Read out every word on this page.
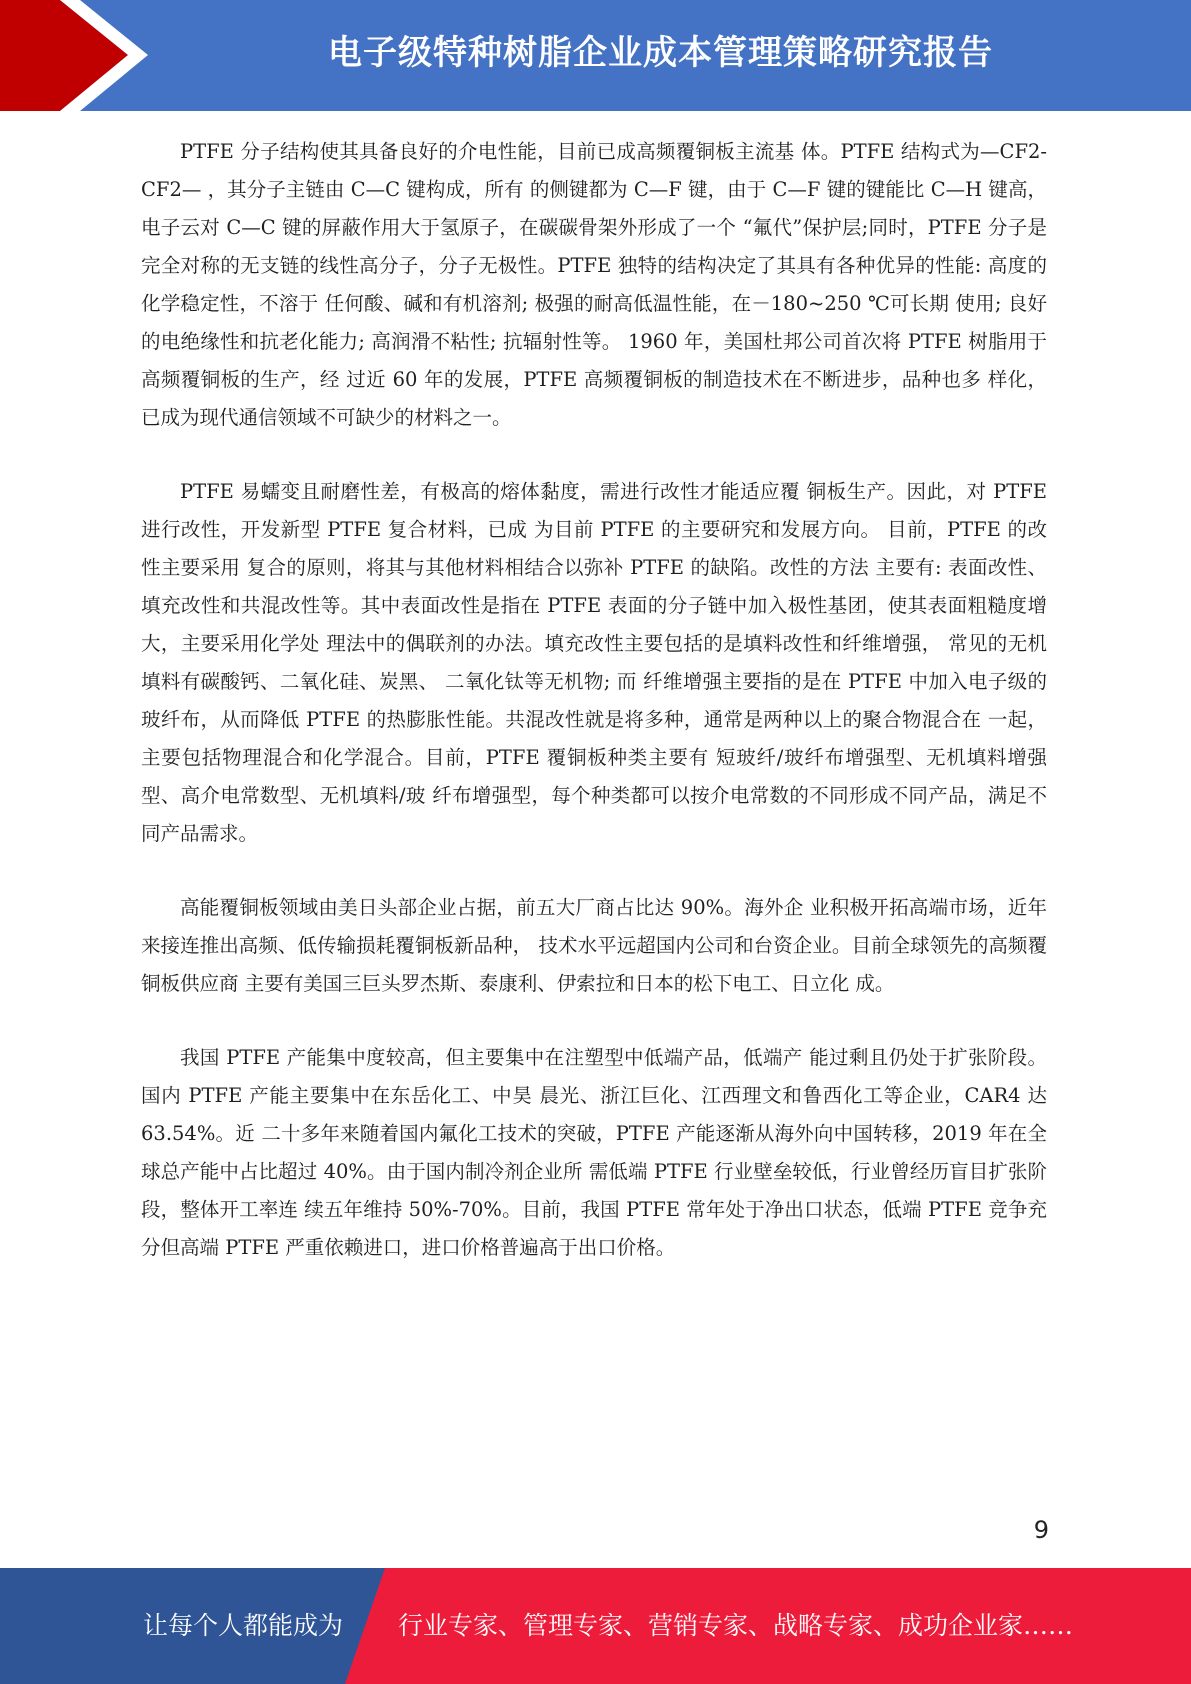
电子级特种树脂企业成本管理策略研究报告

PTFE 分子结构使其具备良好的介电性能，目前已成高频覆铜板主流基 体。PTFE 结构式为—CF2-CF2— ，其分子主链由 C—C 键构成，所有 的侧键都为 C—F 键，由于 C—F 键的键能比 C—H 键高，电子云对 C—C 键的屏蔽作用大于氢原子，在碳碳骨架外形成了一个 “氟代”保护层;同时，PTFE 分子是完全对称的无支链的线性高分子，分子无极性。PTFE 独特的结构决定了其具有各种优异的性能: 高度的化学稳定性，不溶于 任何酸、碱和有机溶剂; 极强的耐高低温性能，在－180~250 ℃可长期 使用; 良好的电绝缘性和抗老化能力; 高润滑不粘性; 抗辐射性等。 1960 年，美国杜邦公司首次将 PTFE 树脂用于高频覆铜板的生产，经 过近 60 年的发展，PTFE 高频覆铜板的制造技术在不断进步，品种也多 样化，已成为现代通信领域不可缺少的材料之一。

PTFE 易蠕变且耐磨性差，有极高的熔体黏度，需进行改性才能适应覆 铜板生产。因此，对 PTFE 进行改性，开发新型 PTFE 复合材料，已成 为目前 PTFE 的主要研究和发展方向。 目前，PTFE 的改性主要采用 复合的原则，将其与其他材料相结合以弥补 PTFE 的缺陷。改性的方法 主要有: 表面改性、填充改性和共混改性等。其中表面改性是指在 PTFE 表面的分子链中加入极性基团，使其表面粗糙度增大，主要采用化学处 理法中的偶联剂的办法。填充改性主要包括的是填料改性和纤维增强， 常见的无机填料有碳酸钙、二氧化硅、炭黑、 二氧化钛等无机物; 而 纤维增强主要指的是在 PTFE 中加入电子级的玻纤布，从而降低 PTFE 的热膨胀性能。共混改性就是将多种，通常是两种以上的聚合物混合在 一起，主要包括物理混合和化学混合。目前，PTFE 覆铜板种类主要有 短玻纤/玻纤布增强型、无机填料增强型、高介电常数型、无机填料/玻 纤布增强型，每个种类都可以按介电常数的不同形成不同产品，满足不 同产品需求。

高能覆铜板领域由美日头部企业占据，前五大厂商占比达 90%。海外企 业积极开拓高端市场，近年来接连推出高频、低传输损耗覆铜板新品种， 技术水平远超国内公司和台资企业。目前全球领先的高频覆铜板供应商 主要有美国三巨头罗杰斯、泰康利、伊索拉和日本的松下电工、日立化 成。

我国 PTFE 产能集中度较高，但主要集中在注塑型中低端产品，低端产 能过剩且仍处于扩张阶段。国内 PTFE 产能主要集中在东岳化工、中昊 晨光、浙江巨化、江西理文和鲁西化工等企业，CAR4 达 63.54%。近 二十多年来随着国内氟化工技术的突破，PTFE 产能逐渐从海外向中国转移，2019 年在全球总产能中占比超过 40%。由于国内制冷剂企业所 需低端 PTFE 行业壁垒较低，行业曾经历盲目扩张阶段，整体开工率连 续五年维持 50%-70%。目前，我国 PTFE 常年处于净出口状态，低端 PTFE 竞争充分但高端 PTFE 严重依赖进口，进口价格普遍高于出口价格。

9
让每个人都能成为 行业专家、管理专家、营销专家、战略专家、成功企业家……
